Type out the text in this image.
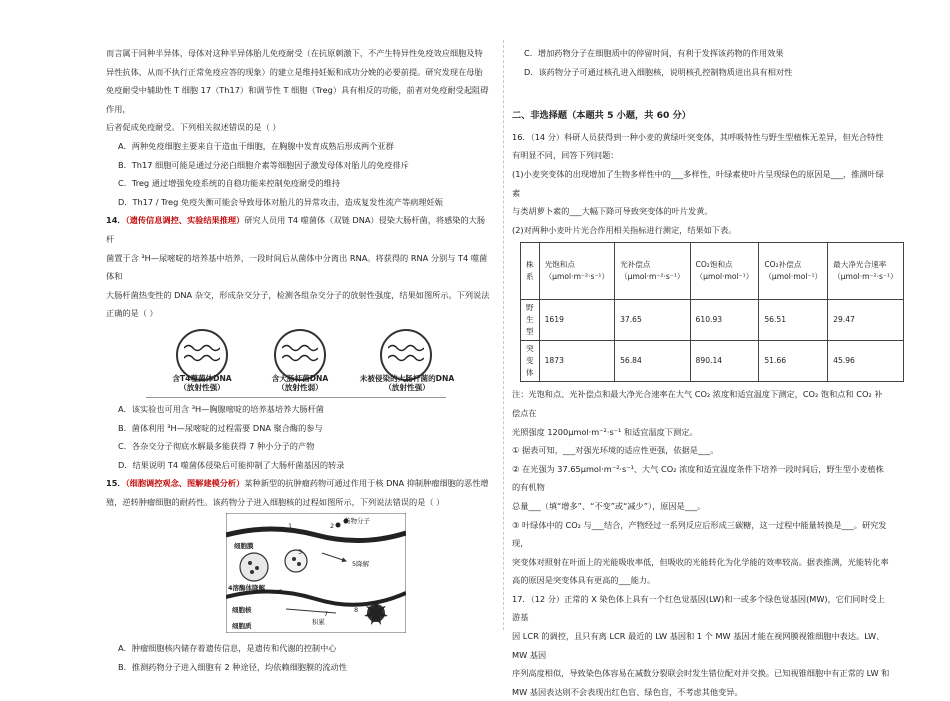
而言属于同种半异体，母体对这种半异体胎儿免疫耐受（在抗原刺激下，不产生特异性免疫效应细胞及特

异性抗体，从而不执行正常免疫应答的现象）的建立是维持妊娠和成功分娩的必要前提。研究发现在母胎

免疫耐受中辅助性 T 细胞 17（Th17）和调节性 T 细胞（Treg）具有相反的功能，前者对免疫耐受起阻碍作用，

后者促成免疫耐受。下列相关叙述错误的是（ ）

A．两种免疫细胞主要来自于造血干细胞，在胸腺中发育成熟后形成两个亚群

B．Th17 细胞可能是通过分泌白细胞介素等细胞因子激发母体对胎儿的免疫排斥

C．Treg 通过增强免疫系统的自稳功能来控制免疫耐受的维持

D．Th17 / Treg 免疫失衡可能会导致母体对胎儿的异常攻击，造成复发性流产等病理妊娠

14．（遗传信息调控、实验结果推理）研究人员用 T4 噬菌体（双链 DNA）侵染大肠杆菌，将感染的大肠杆

菌置于含 ³H—尿嘧啶的培养基中培养，一段时间后从菌体中分离出 RNA。将获得的 RNA 分别与 T4 噬菌体和

大肠杆菌热变性的 DNA 杂交，形成杂交分子，检测各组杂交分子的放射性强度，结果如图所示。下列说法

正确的是（ ）

含T4噬菌体DNA
（放射性强）
含大肠杆菌DNA
（放射性弱）
未被侵染的大肠杆菌的DNA
（放射性强）

A．该实验也可用含 ³H—胸腺嘧啶的培养基培养大肠杆菌

B．菌体利用 ³H—尿嘧啶的过程需要 DNA 聚合酶的参与

C．各杂交分子彻底水解最多能获得 7 种小分子的产物

D．结果说明 T4 噬菌体侵染后可能抑制了大肠杆菌基因的转录

15．（细胞调控观念、图解建模分析）某种新型的抗肿瘤药物可通过作用于核 DNA 抑制肿瘤细胞的恶性增

殖，逆转肿瘤细胞的耐药性。该药物分子进入细胞核的过程如图所示，下列说法错误的是（ ）

药物分子
细胞膜
4溶酶体降解
5降解
细胞核
细胞质	积累
1	2
3
6
7	8

A．肿瘤细胞核内储存着遗传信息，是遗传和代谢的控制中心

B．推测药物分子进入细胞有 2 种途径，均依赖细胞膜的流动性

C．增加药物分子在细胞质中的停留时间，有利于发挥该药物的作用效果

D．该药物分子可通过核孔进入细胞核，说明核孔控制物质进出具有相对性

二、非选择题（本题共 5 小题，共 60 分）

16．（14 分）科研人员获得到一种小麦的黄绿叶突变体，其呼吸特性与野生型植株无差异，但光合特性

有明显不同，回答下列问题：

(1)小麦突变体的出现增加了生物多样性中的___多样性，叶绿素使叶片呈现绿色的原因是___，推测叶绿素

与类胡萝卜素的___大幅下降可导致突变体的叶片发黄。

(2)对两种小麦叶片光合作用相关指标进行测定，结果如下表。

株系	光饱和点（μmol·m⁻²·s⁻¹）	光补偿点（μmol·m⁻²·s⁻¹）	CO₂饱和点（μmol·mol⁻¹）	CO₂补偿点（μmol·mol⁻¹）	最大净光合速率（μmol·m⁻²·s⁻¹）
野生型	1619	37.65	610.93	56.51	29.47
突变体	1873	56.84	890.14	51.66	45.96

注：光饱和点、光补偿点和最大净光合速率在大气 CO₂ 浓度和适宜温度下测定，CO₂ 饱和点和 CO₂ 补偿点在

光照强度 1200μmol·m⁻²·s⁻¹ 和适宜温度下测定。

① 据表可知，___对强光环境的适应性更强，依据是___。

② 在光强为 37.65μmol·m⁻²·s⁻¹、大气 CO₂ 浓度和适宜温度条件下培养一段时间后，野生型小麦植株的有机物

总量___（填“增多”、“不变”或“减少”），原因是___。

③ 叶绿体中的 CO₂ 与___结合，产物经过一系列反应后形成三碳糖，这一过程中能量转换是___。研究发现，

突变体对照射在叶面上的光能吸收率低，但吸收的光能转化为化学能的效率较高。据表推测，光能转化率

高的原因是突变体具有更高的___能力。

17．（12 分）正常的 X 染色体上具有一个红色觉基因(LW)和一或多个绿色觉基因(MW)，它们同时受上游基

因 LCR 的调控，且只有离 LCR 最近的 LW 基因和 1 个 MW 基因才能在视网膜视锥细胞中表达。LW、MW 基因

序列高度相似，导致染色体容易在减数分裂联会时发生错位配对并交换。已知视锥细胞中有正常的 LW 和

MW 基因表达则不会表现出红色盲、绿色盲，不考虑其他变异。
